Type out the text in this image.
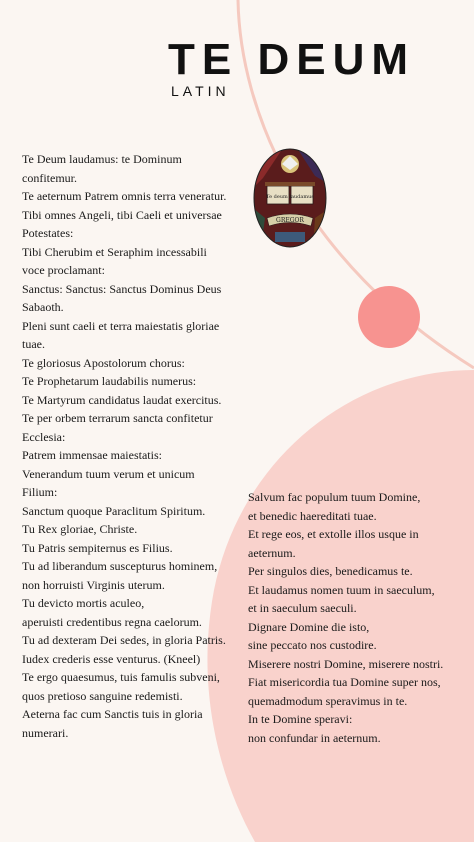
TE DEUM
LATIN
Te deum laudamus
GREGOR
Te Deum laudamus: te Dominum
confitemur.
Te aeternum Patrem omnis terra veneratur.
Tibi omnes Angeli, tibi Caeli et universae
Potestates:
Tibi Cherubim et Seraphim incessabili
voce proclamant:
Sanctus: Sanctus: Sanctus Dominus Deus
Sabaoth.
Pleni sunt caeli et terra maiestatis gloriae
tuae.
Te gloriosus Apostolorum chorus:
Te Prophetarum laudabilis numerus:
Te Martyrum candidatus laudat exercitus.
Te per orbem terrarum sancta confitetur
Ecclesia:
Patrem immensae maiestatis:
Venerandum tuum verum et unicum
Filium:
Sanctum quoque Paraclitum Spiritum.
Tu Rex gloriae, Christe.
Tu Patris sempiternus es Filius.
Tu ad liberandum suscepturus hominem,
non horruisti Virginis uterum.
Tu devicto mortis aculeo,
aperuisti credentibus regna caelorum.
Tu ad dexteram Dei sedes, in gloria Patris.
Iudex crederis esse venturus. (Kneel)
Te ergo quaesumus, tuis famulis subveni,
quos pretioso sanguine redemisti.
Aeterna fac cum Sanctis tuis in gloria
numerari.
Salvum fac populum tuum Domine,
et benedic haereditati tuae.
Et rege eos, et extolle illos usque in
aeternum.
Per singulos dies, benedicamus te.
Et laudamus nomen tuum in saeculum,
et in saeculum saeculi.
Dignare Domine die isto,
sine peccato nos custodire.
Miserere nostri Domine, miserere nostri.
Fiat misericordia tua Domine super nos,
quemadmodum speravimus in te.
In te Domine speravi:
non confundar in aeternum.
